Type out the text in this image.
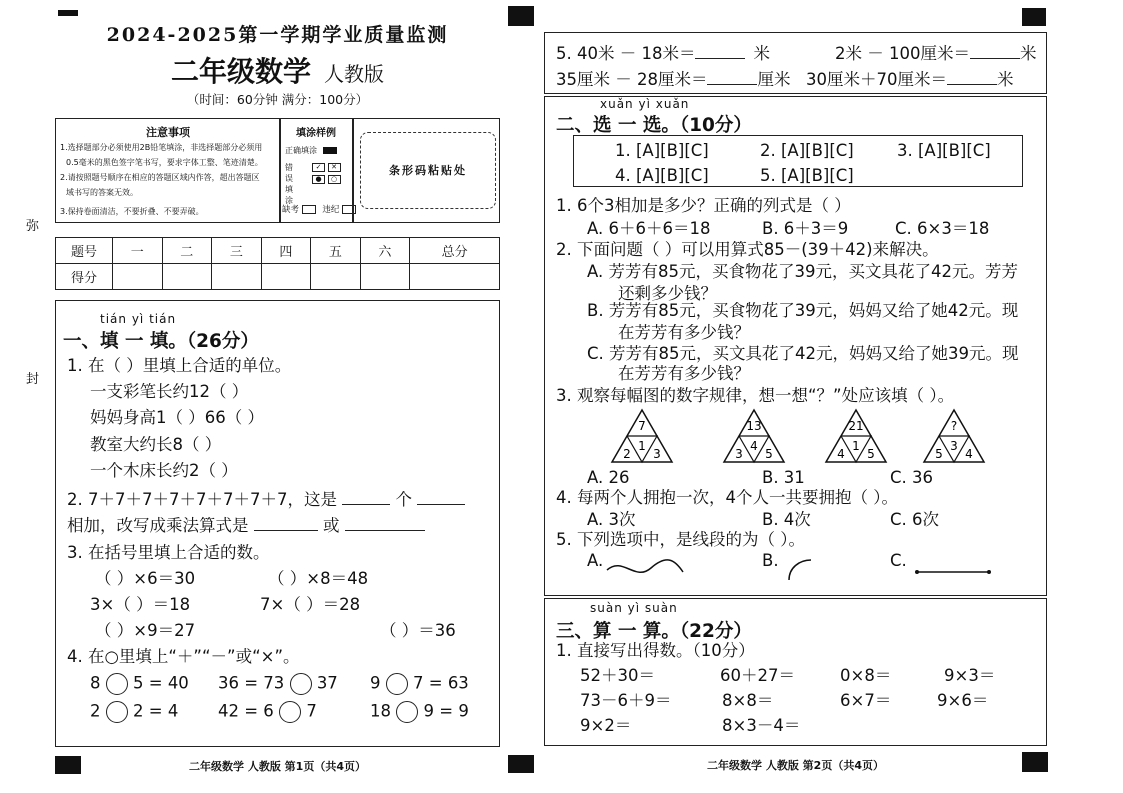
弥
封
2024-2025第一学期学业质量监测
二年级数学 人教版
（时间：60分钟 满分：100分）
注意事项
1.选择题部分必须使用2B铅笔填涂，非选择题部分必须用
0.5毫米的黑色签字笔书写，要求字体工整、笔迹清楚。
2.请按照题号顺序在相应的答题区域内作答，超出答题区
域书写的答案无效。
3.保持卷面清洁，不要折叠、不要弄破。
填涂样例
正确填涂
错误填涂
✓ ✕
● ○
缺考	违纪
条形码粘贴处
题号	一	二	三	四	五	六	总分
得分							
tián yì tián
一、填 一 填。（26分）
1. 在（ ）里填上合适的单位。
一支彩笔长约12（ ）
妈妈身高1（ ）66（ ）
教室大约长8（ ）
一个木床长约2（ ）
2. 7＋7＋7＋7＋7＋7＋7＋7，这是	个
相加，改写成乘法算式是	或
3. 在括号里填上合适的数。
（ ）×6＝30	（ ）×8＝48
3×（ ）＝18	7×（ ）＝28
（ ）×9＝27	（ ）＝36
4. 在○里填上“＋”“－”或“×”。
8 5 = 40 36 = 73 37 9 7 = 63
2 2 = 4 42 = 6 7	18 9 = 9
二年级数学 人教版 第1页（共4页）
5. 40米 － 18米＝	米	2米 － 100厘米＝	米
35厘米 － 28厘米＝	厘米 30厘米＋70厘米＝	米
xuǎn yì xuǎn
二、选 一 选。（10分）
1. [A][B][C]	2. [A][B][C]	3. [A][B][C]
4. [A][B][C]	5. [A][B][C]
1. 6个3相加是多少？正确的列式是（ ）
A. 6＋6＋6＝18	B. 6＋3＝9	C. 6×3＝18
2. 下面问题（ ）可以用算式85－(39＋42)来解决。
A. 芳芳有85元，买食物花了39元，买文具花了42元。芳芳
还剩多少钱？
B. 芳芳有85元，买食物花了39元，妈妈又给了她42元。现
在芳芳有多少钱？
C. 芳芳有85元，买文具花了42元，妈妈又给了她39元。现
在芳芳有多少钱？
3. 观察每幅图的数字规律，想一想“？”处应该填（ ）。
7
2
1
3
13
3
4
5
21
4
1
5
?
5
3
4
A. 26	B. 31	C. 36
4. 每两个人拥抱一次，4个人一共要拥抱（ ）。
A. 3次	B. 4次	C. 6次
5. 下列选项中，是线段的为（ ）。
A.	B.	C.
suàn yì suàn
三、算 一 算。（22分）
1. 直接写出得数。（10分）
52＋30＝	60＋27＝	0×8＝	9×3＝
73－6＋9＝	8×8＝	6×7＝	9×6＝
9×2＝	8×3－4＝
二年级数学 人教版 第2页（共4页）
